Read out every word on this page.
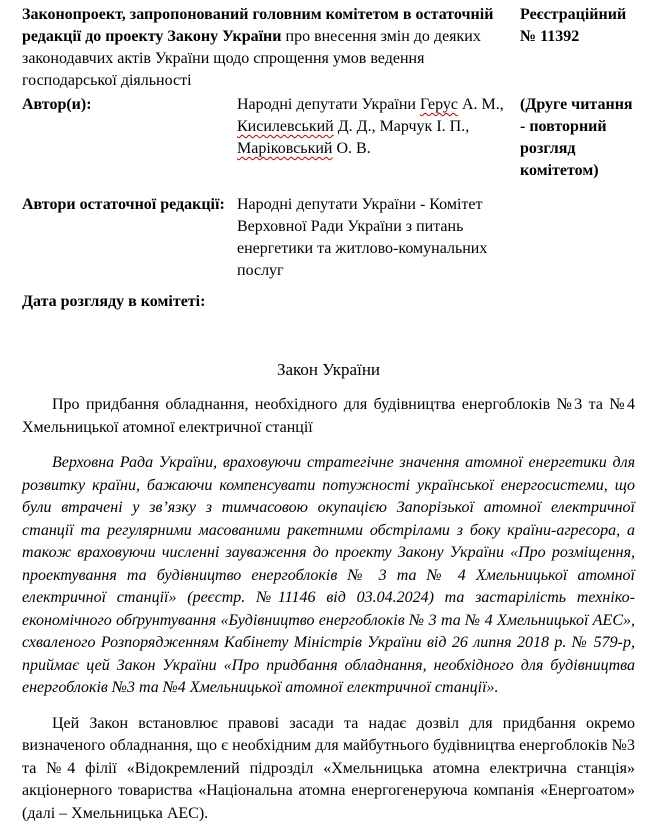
Законопроект, запропонований головним комітетом в остаточній редакції до проекту Закону України про внесення змін до деяких законодавчих актів України щодо спрощення умов ведення господарської діяльності
Реєстраційний № 11392
Автор(и):	Народні депутати України Герус А. М., Кисилевський Д. Д., Марчук І. П., Маріковський О. В.
(Друге читання - повторний розгляд комітетом)
Автори остаточної редакції: Народні депутати України - Комітет Верховної Ради України з питань енергетики та житлово-комунальних послуг
Дата розгляду в комітеті:
Закон України

Про придбання обладнання, необхідного для будівництва енергоблоків №3 та №4 Хмельницької атомної електричної станції

Верховна Рада України, враховуючи стратегічне значення атомної енергетики для розвитку країни, бажаючи компенсувати потужності української енергосистеми, що були втрачені у зв’язку з тимчасовою окупацією Запорізької атомної електричної станції та регулярними масованими ракетними обстрілами з боку країни-агресора, а також враховуючи численні зауваження до проекту Закону України «Про розміщення, проектування та будівництво енергоблоків № 3 та № 4 Хмельницької атомної електричної станції» (реєстр. №11146 від 03.04.2024) та застарілість техніко-економічного обґрунтування «Будівництво енергоблоків № 3 та № 4 Хмельницької АЕС», схваленого Розпорядженням Кабінету Міністрів України від 26 липня 2018 р. № 579-р, приймає цей Закон України «Про придбання обладнання, необхідного для будівництва енергоблоків №3 та №4 Хмельницької атомної електричної станції».

Цей Закон встановлює правові засади та надає дозвіл для придбання окремо визначеного обладнання, що є необхідним для майбутнього будівництва енергоблоків №3 та №4 філії «Відокремлений підрозділ «Хмельницька атомна електрична станція» акціонерного товариства «Національна атомна енергогенеруюча компанія «Енергоатом» (далі – Хмельницька АЕС).
